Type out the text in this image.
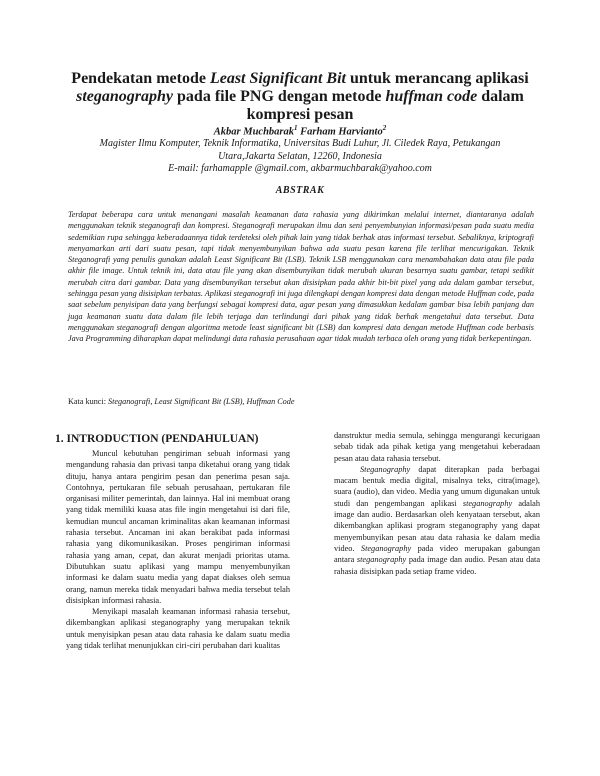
Pendekatan metode Least Significant Bit untuk merancang aplikasi steganography pada file PNG dengan metode huffman code dalam kompresi pesan
Akbar Muchbarak$^1$ Farham Harvianto$^2$
Magister Ilmu Komputer, Teknik Informatika, Universitas Budi Luhur, Jl. Ciledek Raya, Petukangan Utara,Jakarta Selatan, 12260, Indonesia
E-mail: farhamapple @gmail.com, akbarmuchbarak@yahoo.com
ABSTRAK
Terdapat beberapa cara untuk menangani masalah keamanan data rahasia yang dikirimkan melalui internet, diantaranya adalah menggunakan teknik steganografi dan kompresi. Steganografi merupakan ilmu dan seni penyembunyian informasi/pesan pada suatu media sedemikian rupa sehingga keberadaannya tidak terdeteksi oleh pihak lain yang tidak berhak atas informasi tersebut. Sebaliknya, kriptografi menyamarkan arti dari suatu pesan, tapi tidak menyembunyikan bahwa ada suatu pesan karena file terlihat mencurigakan. Teknik Steganografi yang penulis gunakan adalah Least Significant Bit (LSB). Teknik LSB menggunakan cara menambahakan data atau file pada akhir file image. Untuk teknik ini, data atau file yang akan disembunyikan tidak merubah ukuran besarnya suatu gambar, tetapi sedikit merubah citra dari gambar. Data yang disembunyikan tersebut akan disisipkan pada akhir bit-bit pixel yang ada dalam gambar tersebut, sehingga pesan yang disisipkan terbatas. Aplikasi steganografi ini juga dilengkapi dengan kompresi data dengan metode Huffman code, pada saat sebelum penyisipan data yang berfungsi sebagai kompresi data, agar pesan yang dimasukkan kedalam gambar bisa lebih panjang dan juga keamanan suatu data dalam file lebih terjaga dan terlindungi dari pihak yang tidak berhak mengetahui data tersebut. Data menggunakan steganografi dengan algoritma metode least significant bit (LSB) dan kompresi data dengan metode Huffman code berbasis Java Programming diharapkan dapat melindungi data rahasia perusahaan agar tidak mudah terbaca oleh orang yang tidak berkepentingan.
Kata kunci: Steganografi, Least Significant Bit (LSB), Huffman Code
1. INTRODUCTION (PENDAHULUAN)

Muncul kebutuhan pengiriman sebuah informasi yang mengandung rahasia dan privasi tanpa diketahui orang yang tidak dituju, hanya antara pengirim pesan dan penerima pesan saja. Contohnya, pertukaran file sebuah perusahaan, pertukaran file organisasi militer pemerintah, dan lainnya. Hal ini membuat orang yang tidak memiliki kuasa atas file ingin mengetahui isi dari file, kemudian muncul ancaman kriminalitas akan keamanan informasi rahasia tersebut. Ancaman ini akan berakibat pada informasi rahasia yang dikomunikasikan. Proses pengiriman informasi rahasia yang aman, cepat, dan akurat menjadi prioritas utama. Dibutuhkan suatu aplikasi yang mampu menyembunyikan informasi ke dalam suatu media yang dapat diakses oleh semua orang, namun mereka tidak menyadari bahwa media tersebut telah disisipkan informasi rahasia.

Menyikapi masalah keamanan informasi rahasia tersebut, dikembangkan aplikasi steganography yang merupakan teknik untuk menyisipkan pesan atau data rahasia ke dalam suatu media yang tidak terlihat menunjukkan ciri-ciri perubahan dari kualitas

danstruktur media semula, sehingga mengurangi kecurigaan sebab tidak ada pihak ketiga yang mengetahui keberadaan pesan atau data rahasia tersebut.

Steganography dapat diterapkan pada berbagai macam bentuk media digital, misalnya teks, citra(image), suara (audio), dan video. Media yang umum digunakan untuk studi dan pengembangan aplikasi steganography adalah image dan audio. Berdasarkan oleh kenyataan tersebut, akan dikembangkan aplikasi program steganography yang dapat menyembunyikan pesan atau data rahasia ke dalam media video. Steganography pada video merupakan gabungan antara steganography pada image dan audio. Pesan atau data rahasia disisipkan pada setiap frame video.
